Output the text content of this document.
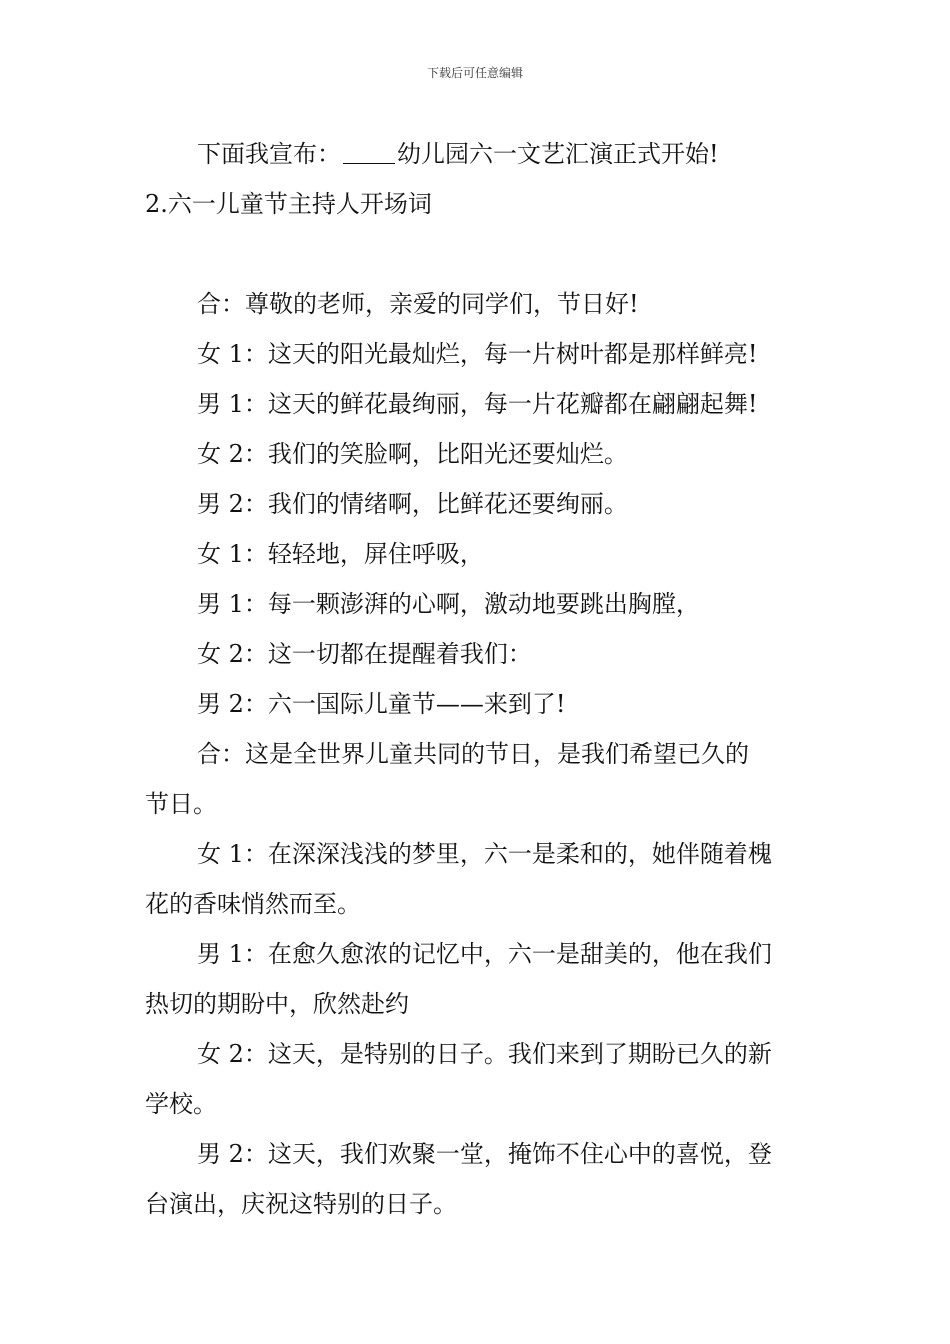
下载后可任意编辑
下面我宣布： 幼儿园六一文艺汇演正式开始!
2.六一儿童节主持人开场词
合：尊敬的老师，亲爱的同学们，节日好!
女 1：这天的阳光最灿烂，每一片树叶都是那样鲜亮!
男 1：这天的鲜花最绚丽，每一片花瓣都在翩翩起舞!
女 2：我们的笑脸啊，比阳光还要灿烂。
男 2：我们的情绪啊，比鲜花还要绚丽。
女 1：轻轻地，屏住呼吸，
男 1：每一颗澎湃的心啊，激动地要跳出胸膛，
女 2：这一切都在提醒着我们：
男 2：六一国际儿童节——来到了!
合：这是全世界儿童共同的节日，是我们希望已久的
节日。
女 1：在深深浅浅的梦里，六一是柔和的，她伴随着槐
花的香味悄然而至。
男 1：在愈久愈浓的记忆中，六一是甜美的，他在我们
热切的期盼中，欣然赴约
女 2：这天，是特别的日子。我们来到了期盼已久的新
学校。
男 2：这天，我们欢聚一堂，掩饰不住心中的喜悦，登
台演出，庆祝这特别的日子。
